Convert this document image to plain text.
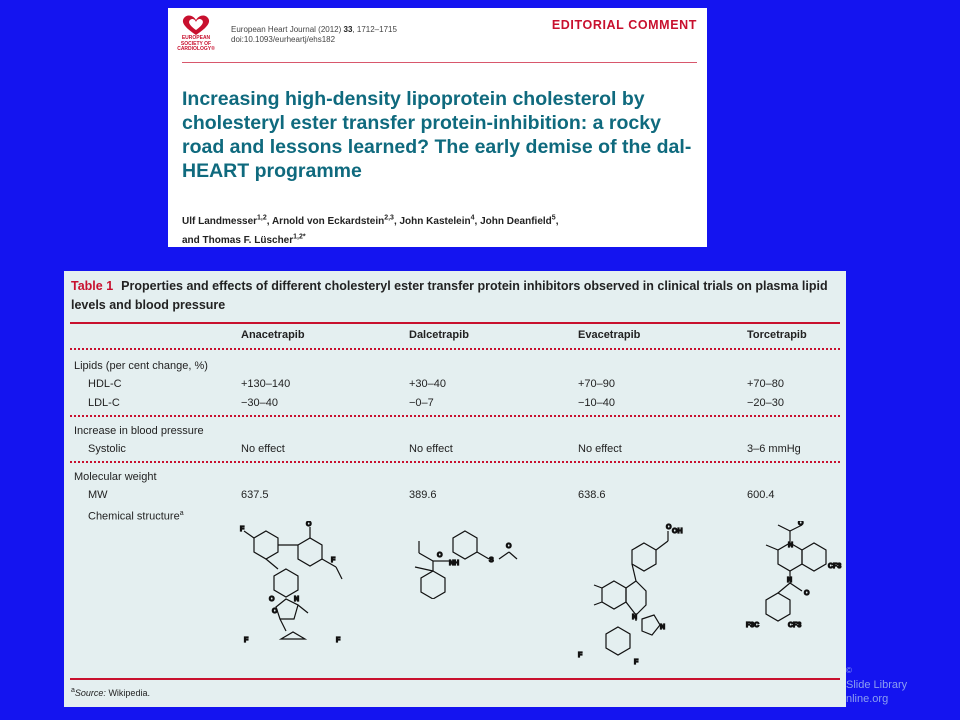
EUROPEAN SOCIETY OF CARDIOLOGY®
European Heart Journal (2012) 33, 1712–1715
doi:10.1093/eurheartj/ehs182
EDITORIAL COMMENT
Increasing high-density lipoprotein cholesterol by cholesteryl ester transfer protein-inhibition: a rocky road and lessons learned? The early demise of the dal-HEART programme
Ulf Landmesser$^{1,2}$, Arnold von Eckardstein$^{2,3}$, John Kastelein$^4$, John Deanfield$^5$,
and Thomas F. Lüscher$^{1,2*}$

Table 1 Properties and effects of different cholesteryl ester transfer protein inhibitors observed in clinical trials on plasma lipid levels and blood pressure

Anacetrapib	Dalcetrapib	Evacetrapib	Torcetrapib
Lipids (per cent change, %)
HDL-C	+130–140	+30–40	+70–90	+70–80
LDL-C	−30–40	−0–7	−10–40	−20–30
Increase in blood pressure
Systolic	No effect	No effect	No effect	3–6 mmHg
Molecular weight
MW	637.5	389.6	638.6	600.4
Chemical structure$^a$
F
O
F
O
O
N
F	F
NH	S
O
O
OH
O
N
N
F
F
O
N
N
O
CF3
F3C	CF3
$^a$Source: Wikipedia.
©
Slide Library
nline.org
